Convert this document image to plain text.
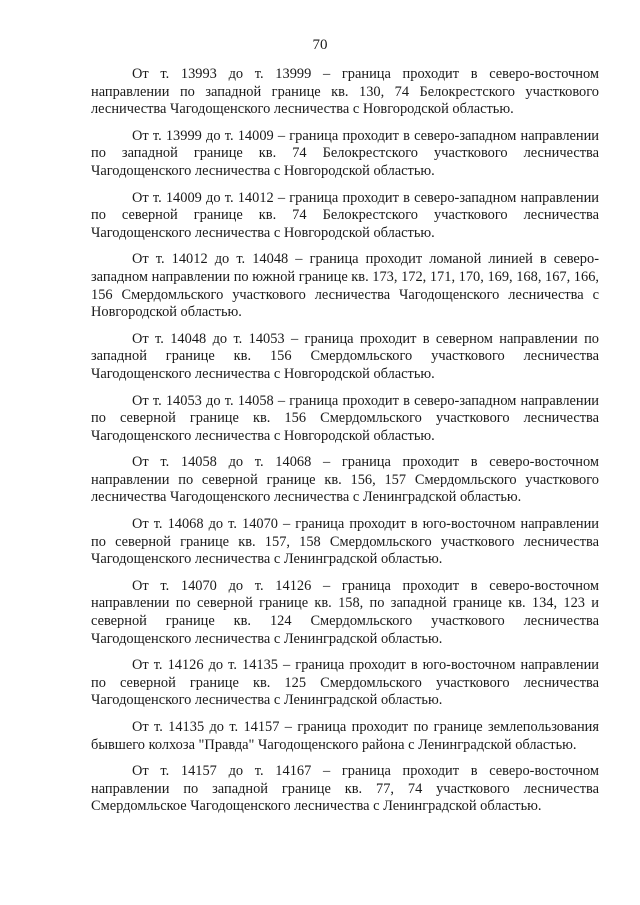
70

От т. 13993 до т. 13999 – граница проходит в северо-восточном направлении по западной границе кв. 130, 74 Белокрестского участкового лесничества Чагодощенского лесничества с Новгородской областью.

От т. 13999 до т. 14009 – граница проходит в северо-западном направлении по западной границе кв. 74 Белокрестского участкового лесничества Чагодощенского лесничества с Новгородской областью.

От т. 14009 до т. 14012 – граница проходит в северо-западном направлении по северной границе кв. 74 Белокрестского участкового лесничества Чагодощенского лесничества с Новгородской областью.

От т. 14012 до т. 14048 – граница проходит ломаной линией в северо-западном направлении по южной границе кв. 173, 172, 171, 170, 169, 168, 167, 166, 156 Смердомльского участкового лесничества Чагодощенского лесничества с Новгородской областью.

От т. 14048 до т. 14053 – граница проходит в северном направлении по западной границе кв. 156 Смердомльского участкового лесничества Чагодощенского лесничества с Новгородской областью.

От т. 14053 до т. 14058 – граница проходит в северо-западном направлении по северной границе кв. 156 Смердомльского участкового лесничества Чагодощенского лесничества с Новгородской областью.

От т. 14058 до т. 14068 – граница проходит в северо-восточном направлении по северной границе кв. 156, 157 Смердомльского участкового лесничества Чагодощенского лесничества с Ленинградской областью.

От т. 14068 до т. 14070 – граница проходит в юго-восточном направлении по северной границе кв. 157, 158 Смердомльского участкового лесничества Чагодощенского лесничества с Ленинградской областью.

От т. 14070 до т. 14126 – граница проходит в северо-восточном направлении по северной границе кв. 158, по западной границе кв. 134, 123 и северной границе кв. 124 Смердомльского участкового лесничества Чагодощенского лесничества с Ленинградской областью.

От т. 14126 до т. 14135 – граница проходит в юго-восточном направлении по северной границе кв. 125 Смердомльского участкового лесничества Чагодощенского лесничества с Ленинградской областью.

От т. 14135 до т. 14157 – граница проходит по границе землепользования бывшего колхоза "Правда" Чагодощенского района с Ленинградской областью.

От т. 14157 до т. 14167 – граница проходит в северо-восточном направлении по западной границе кв. 77, 74 участкового лесничества Смердомльское Чагодощенского лесничества с Ленинградской областью.
